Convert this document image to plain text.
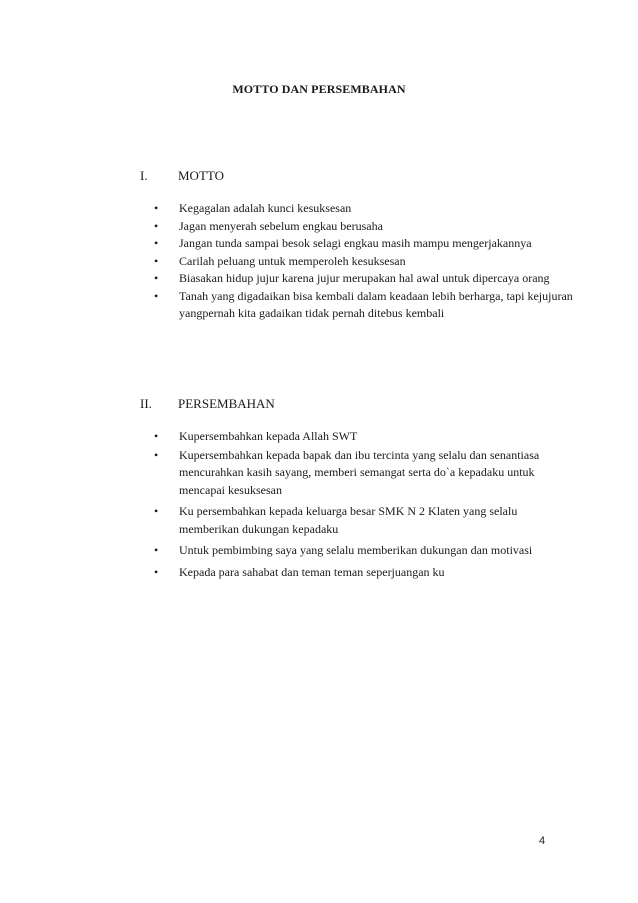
MOTTO DAN PERSEMBAHAN
I. MOTTO
• Kegagalan adalah kunci kesuksesan
• Jagan menyerah sebelum engkau berusaha
• Jangan tunda sampai besok selagi engkau masih mampu mengerjakannya
• Carilah peluang untuk memperoleh kesuksesan
• Biasakan hidup jujur karena jujur merupakan hal awal untuk dipercaya orang
• Tanah yang digadaikan bisa kembali dalam keadaan lebih berharga, tapi kejujuran yangpernah kita gadaikan tidak pernah ditebus kembali
II. PERSEMBAHAN
• Kupersembahkan kepada Allah SWT
• Kupersembahkan kepada bapak dan ibu tercinta yang selalu dan senantiasa mencurahkan kasih sayang, memberi semangat serta do`a kepadaku untuk mencapai kesuksesan
• Ku persembahkan kepada keluarga besar SMK N 2 Klaten yang selalu memberikan dukungan kepadaku
• Untuk pembimbing saya yang selalu memberikan dukungan dan motivasi
• Kepada para sahabat dan teman teman seperjuangan ku
4
